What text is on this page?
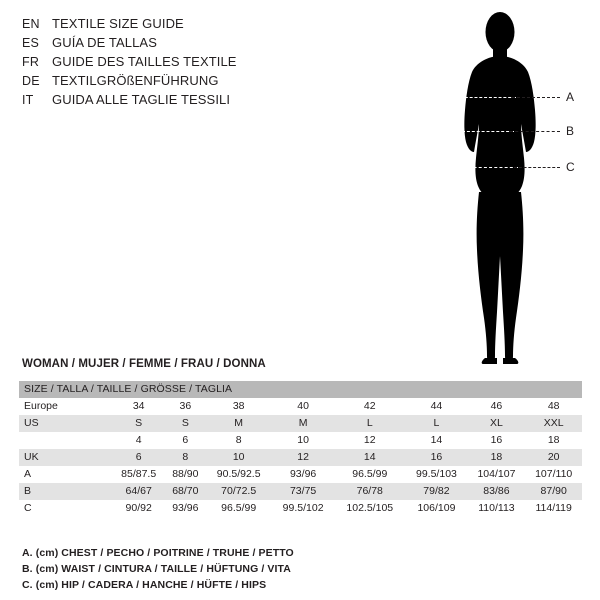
EN TEXTILE SIZE GUIDE
ES GUÍA DE TALLAS
FR GUIDE DES TAILLES TEXTILE
DE TEXTILGRÖßENFÜHRUNG
IT	GUIDA ALLE TAGLIE TESSILI	A
B
C
WOMAN / MUJER / FEMME / FRAU / DONNA
SIZE / TALLA / TAILLE / GRÖSSE / TAGLIA								
Europe	34	36	38	40	42	44	46	48
US	S	S	M	M	L	L	XL	XXL
	4	6	8	10	12	14	16	18
UK	6	8	10	12	14	16	18	20
A	85/87.5	88/90	90.5/92.5	93/96	96.5/99	99.5/103	104/107	107/110
B	64/67	68/70	70/72.5	73/75	76/78	79/82	83/86	87/90
C	90/92	93/96	96.5/99	99.5/102	102.5/105	106/109	110/113	114/119
A. (cm) CHEST / PECHO / POITRINE / TRUHE / PETTO
B. (cm) WAIST / CINTURA / TAILLE / HÜFTUNG / VITA
C. (cm) HIP / CADERA / HANCHE / HÜFTE / HIPS
